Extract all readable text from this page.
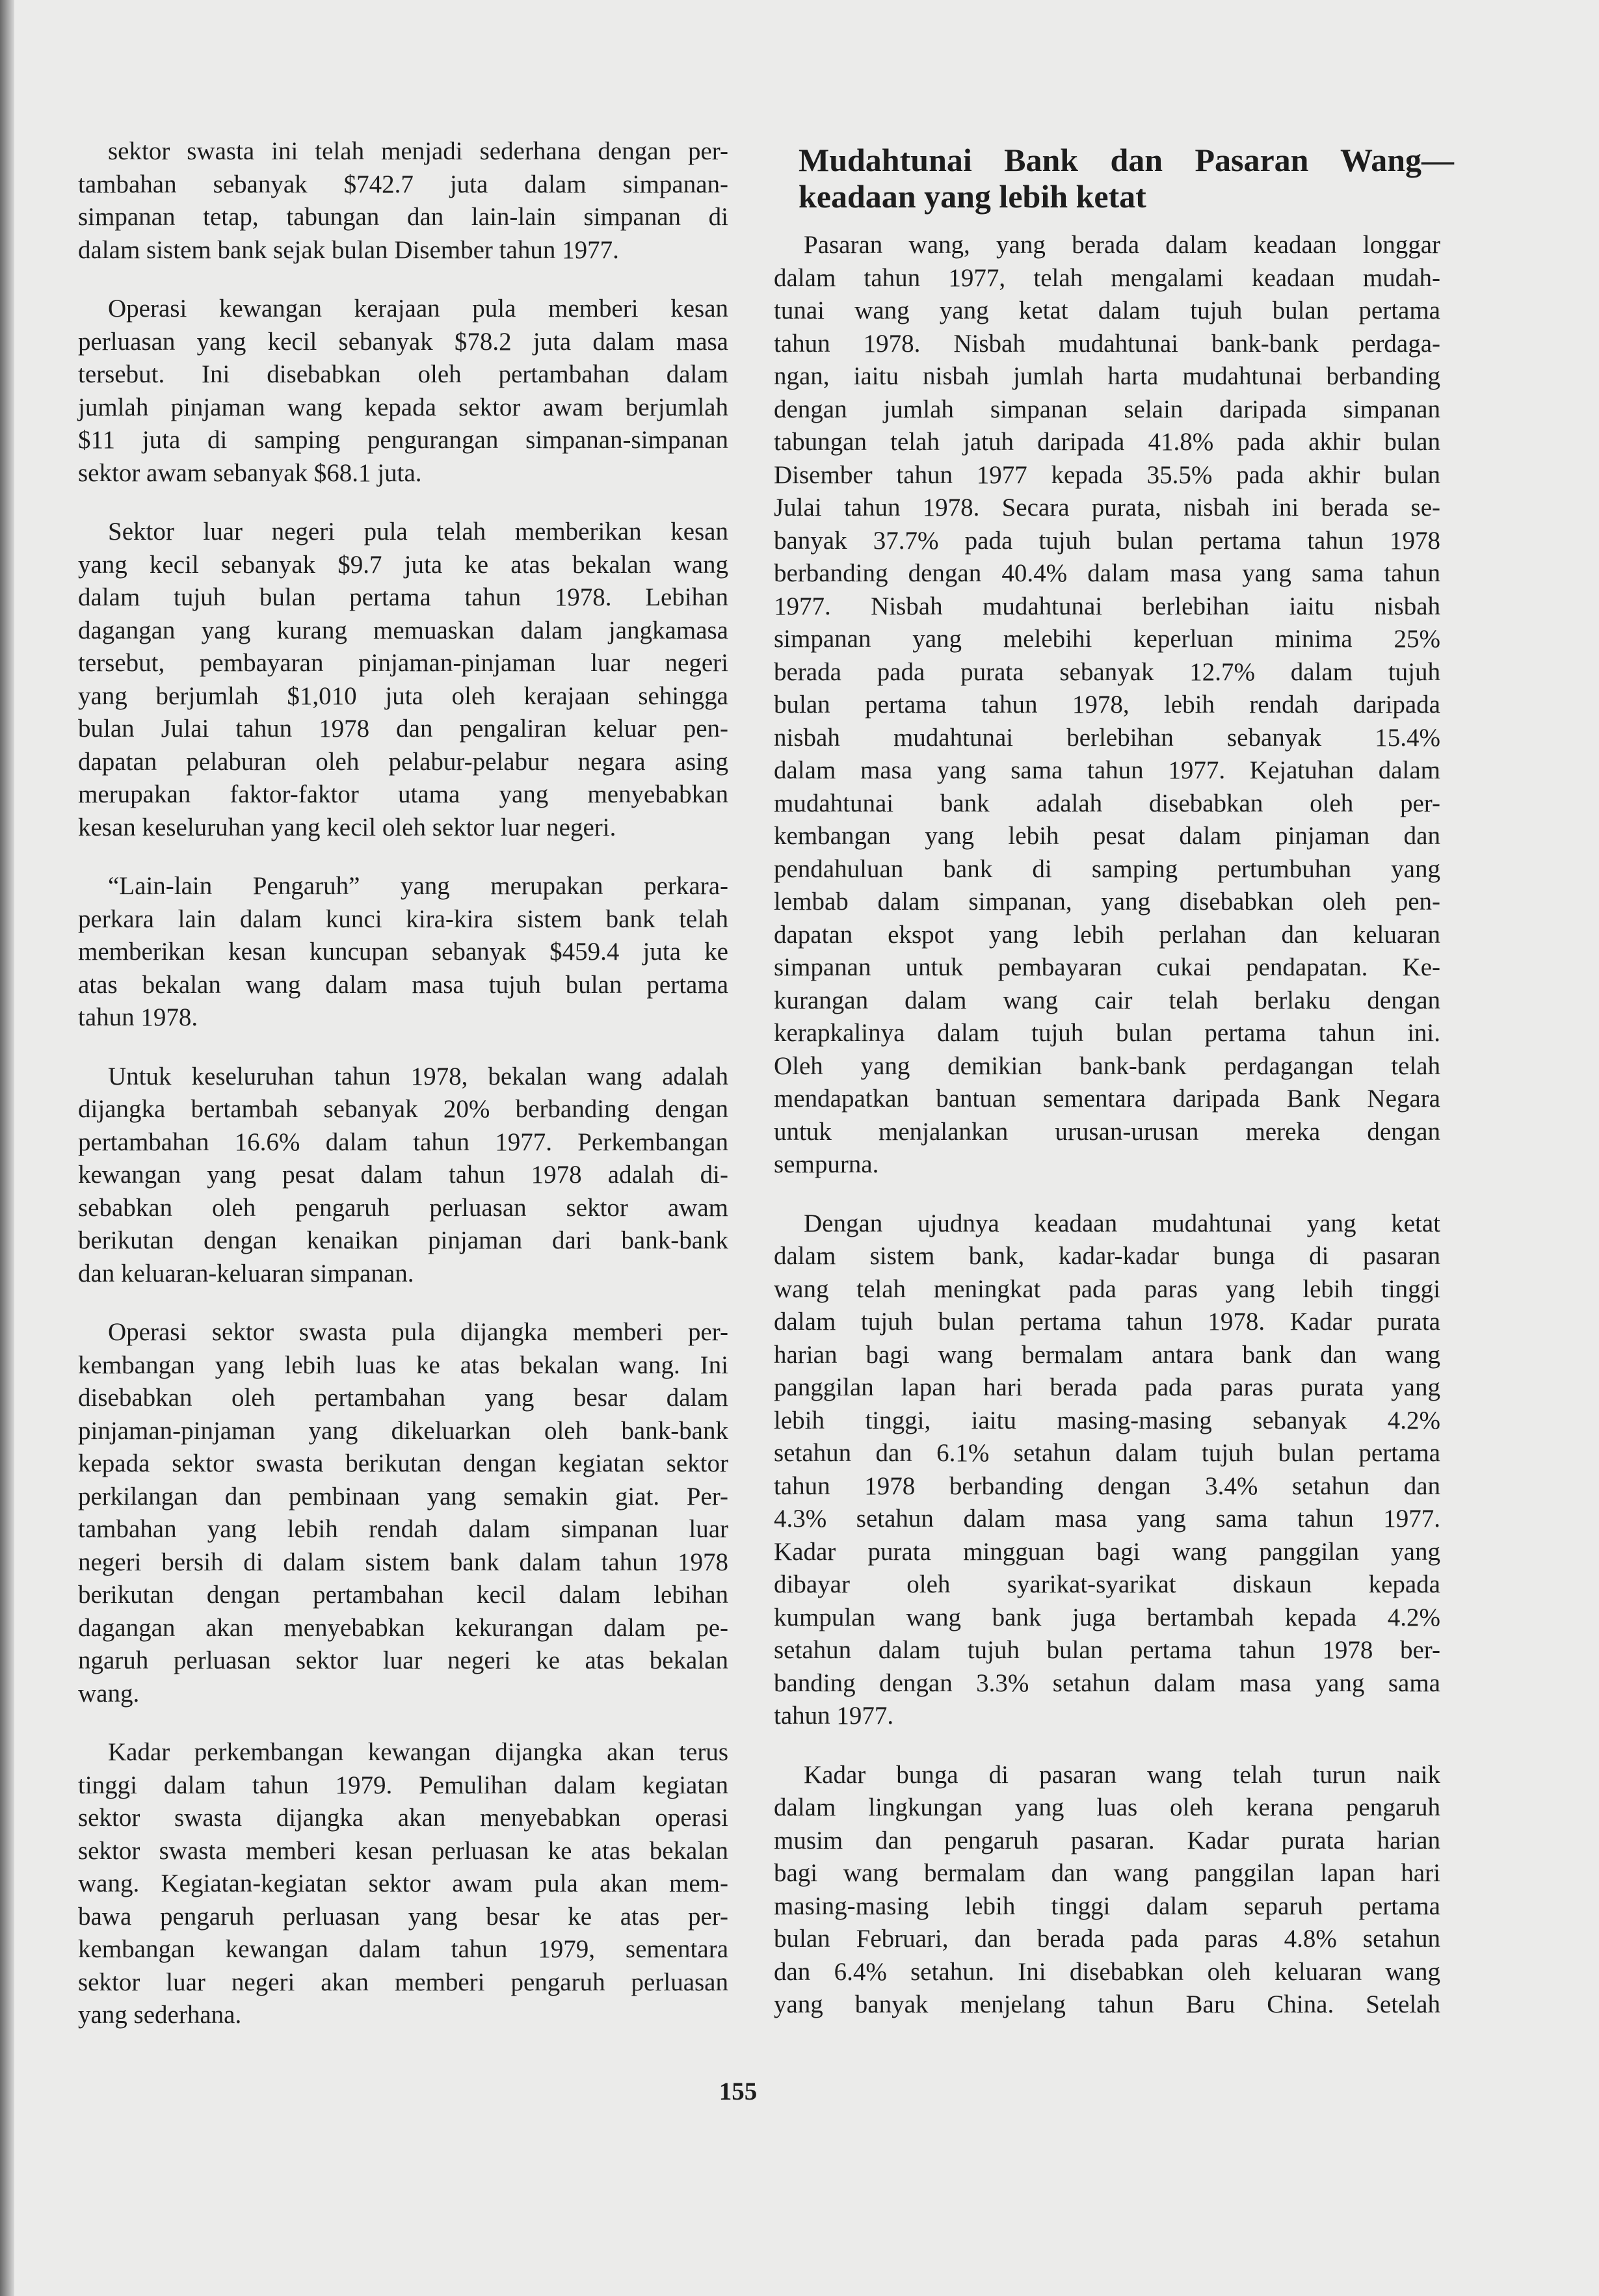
Mudahtunai Bank dan Pasaran Wang—
keadaan yang lebih ketat
sektor swasta ini telah menjadi sederhana dengan per-
tambahan sebanyak $742.7 juta dalam simpanan-
simpanan tetap, tabungan dan lain-lain simpanan di
dalam sistem bank sejak bulan Disember tahun 1977.
Operasi kewangan kerajaan pula memberi kesan
perluasan yang kecil sebanyak $78.2 juta dalam masa
tersebut. Ini disebabkan oleh pertambahan dalam
jumlah pinjaman wang kepada sektor awam berjumlah
$11 juta di samping pengurangan simpanan-simpanan
sektor awam sebanyak $68.1 juta.
Sektor luar negeri pula telah memberikan kesan
yang kecil sebanyak $9.7 juta ke atas bekalan wang
dalam tujuh bulan pertama tahun 1978. Lebihan
dagangan yang kurang memuaskan dalam jangkamasa
tersebut, pembayaran pinjaman-pinjaman luar negeri
yang berjumlah $1,010 juta oleh kerajaan sehingga
bulan Julai tahun 1978 dan pengaliran keluar pen-
dapatan pelaburan oleh pelabur-pelabur negara asing
merupakan faktor-faktor utama yang menyebabkan
kesan keseluruhan yang kecil oleh sektor luar negeri.
“Lain-lain Pengaruh” yang merupakan perkara-
perkara lain dalam kunci kira-kira sistem bank telah
memberikan kesan kuncupan sebanyak $459.4 juta ke
atas bekalan wang dalam masa tujuh bulan pertama
tahun 1978.
Untuk keseluruhan tahun 1978, bekalan wang adalah
dijangka bertambah sebanyak 20% berbanding dengan
pertambahan 16.6% dalam tahun 1977. Perkembangan
kewangan yang pesat dalam tahun 1978 adalah di-
sebabkan oleh pengaruh perluasan sektor awam
berikutan dengan kenaikan pinjaman dari bank-bank
dan keluaran-keluaran simpanan.
Operasi sektor swasta pula dijangka memberi per-
kembangan yang lebih luas ke atas bekalan wang. Ini
disebabkan oleh pertambahan yang besar dalam
pinjaman-pinjaman yang dikeluarkan oleh bank-bank
kepada sektor swasta berikutan dengan kegiatan sektor
perkilangan dan pembinaan yang semakin giat. Per-
tambahan yang lebih rendah dalam simpanan luar
negeri bersih di dalam sistem bank dalam tahun 1978
berikutan dengan pertambahan kecil dalam lebihan
dagangan akan menyebabkan kekurangan dalam pe-
ngaruh perluasan sektor luar negeri ke atas bekalan
wang.
Kadar perkembangan kewangan dijangka akan terus
tinggi dalam tahun 1979. Pemulihan dalam kegiatan
sektor swasta dijangka akan menyebabkan operasi
sektor swasta memberi kesan perluasan ke atas bekalan
wang. Kegiatan-kegiatan sektor awam pula akan mem-
bawa pengaruh perluasan yang besar ke atas per-
kembangan kewangan dalam tahun 1979, sementara
sektor luar negeri akan memberi pengaruh perluasan
yang sederhana.
Pasaran wang, yang berada dalam keadaan longgar
dalam tahun 1977, telah mengalami keadaan mudah-
tunai wang yang ketat dalam tujuh bulan pertama
tahun 1978. Nisbah mudahtunai bank-bank perdaga-
ngan, iaitu nisbah jumlah harta mudahtunai berbanding
dengan jumlah simpanan selain daripada simpanan
tabungan telah jatuh daripada 41.8% pada akhir bulan
Disember tahun 1977 kepada 35.5% pada akhir bulan
Julai tahun 1978. Secara purata, nisbah ini berada se-
banyak 37.7% pada tujuh bulan pertama tahun 1978
berbanding dengan 40.4% dalam masa yang sama tahun
1977. Nisbah mudahtunai berlebihan iaitu nisbah
simpanan yang melebihi keperluan minima 25%
berada pada purata sebanyak 12.7% dalam tujuh
bulan pertama tahun 1978, lebih rendah daripada
nisbah mudahtunai berlebihan sebanyak 15.4%
dalam masa yang sama tahun 1977. Kejatuhan dalam
mudahtunai bank adalah disebabkan oleh per-
kembangan yang lebih pesat dalam pinjaman dan
pendahuluan bank di samping pertumbuhan yang
lembab dalam simpanan, yang disebabkan oleh pen-
dapatan ekspot yang lebih perlahan dan keluaran
simpanan untuk pembayaran cukai pendapatan. Ke-
kurangan dalam wang cair telah berlaku dengan
kerapkalinya dalam tujuh bulan pertama tahun ini.
Oleh yang demikian bank-bank perdagangan telah
mendapatkan bantuan sementara daripada Bank Negara
untuk menjalankan urusan-urusan mereka dengan
sempurna.
Dengan ujudnya keadaan mudahtunai yang ketat
dalam sistem bank, kadar-kadar bunga di pasaran
wang telah meningkat pada paras yang lebih tinggi
dalam tujuh bulan pertama tahun 1978. Kadar purata
harian bagi wang bermalam antara bank dan wang
panggilan lapan hari berada pada paras purata yang
lebih tinggi, iaitu masing-masing sebanyak 4.2%
setahun dan 6.1% setahun dalam tujuh bulan pertama
tahun 1978 berbanding dengan 3.4% setahun dan
4.3% setahun dalam masa yang sama tahun 1977.
Kadar purata mingguan bagi wang panggilan yang
dibayar oleh syarikat-syarikat diskaun kepada
kumpulan wang bank juga bertambah kepada 4.2%
setahun dalam tujuh bulan pertama tahun 1978 ber-
banding dengan 3.3% setahun dalam masa yang sama
tahun 1977.
Kadar bunga di pasaran wang telah turun naik
dalam lingkungan yang luas oleh kerana pengaruh
musim dan pengaruh pasaran. Kadar purata harian
bagi wang bermalam dan wang panggilan lapan hari
masing-masing lebih tinggi dalam separuh pertama
bulan Februari, dan berada pada paras 4.8% setahun
dan 6.4% setahun. Ini disebabkan oleh keluaran wang
yang banyak menjelang tahun Baru China. Setelah
155
